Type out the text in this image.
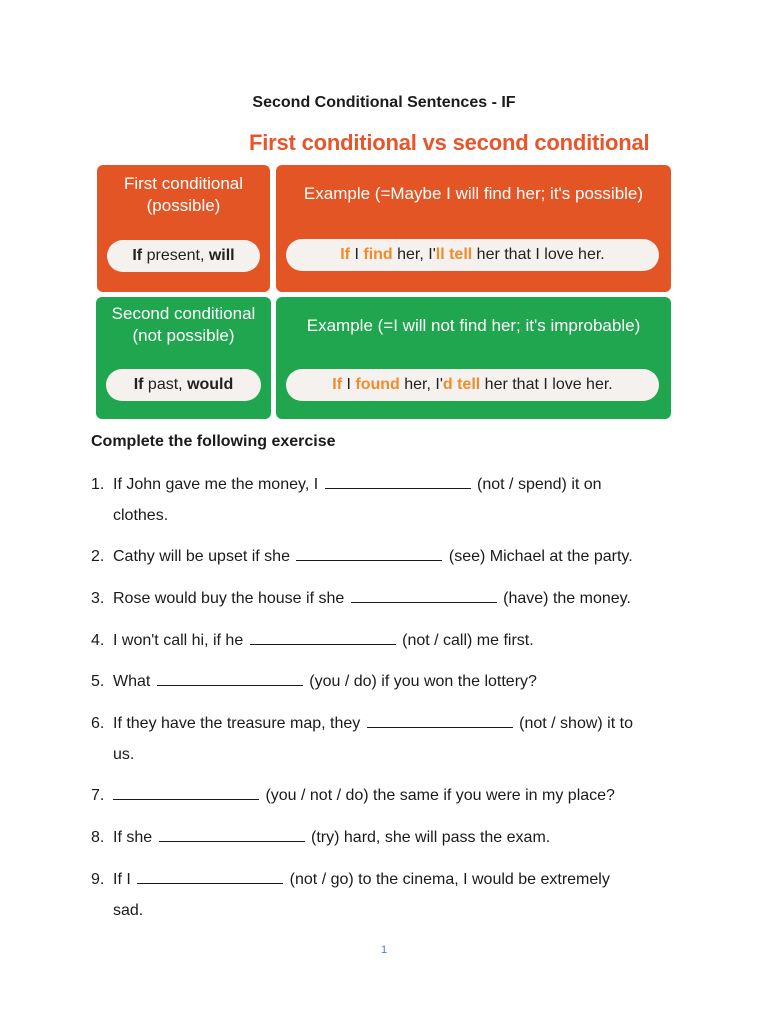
Second Conditional Sentences - IF
First conditional vs second conditional
First conditional
(possible)
If present, will
Example (=Maybe I will find her; it's possible)
If I find her, I'll tell her that I love her.
Second conditional
(not possible)
If past, would
Example (=I will not find her; it's improbable)
If I found her, I'd tell her that I love her.
Complete the following exercise
1. If John gave me the money, I	(not / spend) it on
clothes.
2. Cathy will be upset if she	(see) Michael at the party.
3. Rose would buy the house if she	(have) the money.
4. I won't call hi, if he	(not / call) me first.
5. What	(you / do) if you won the lottery?
6. If they have the treasure map, they	(not / show) it to
us.
7.	(you / not / do) the same if you were in my place?
8. If she	(try) hard, she will pass the exam.
9. If I	(not / go) to the cinema, I would be extremely
sad.
1
